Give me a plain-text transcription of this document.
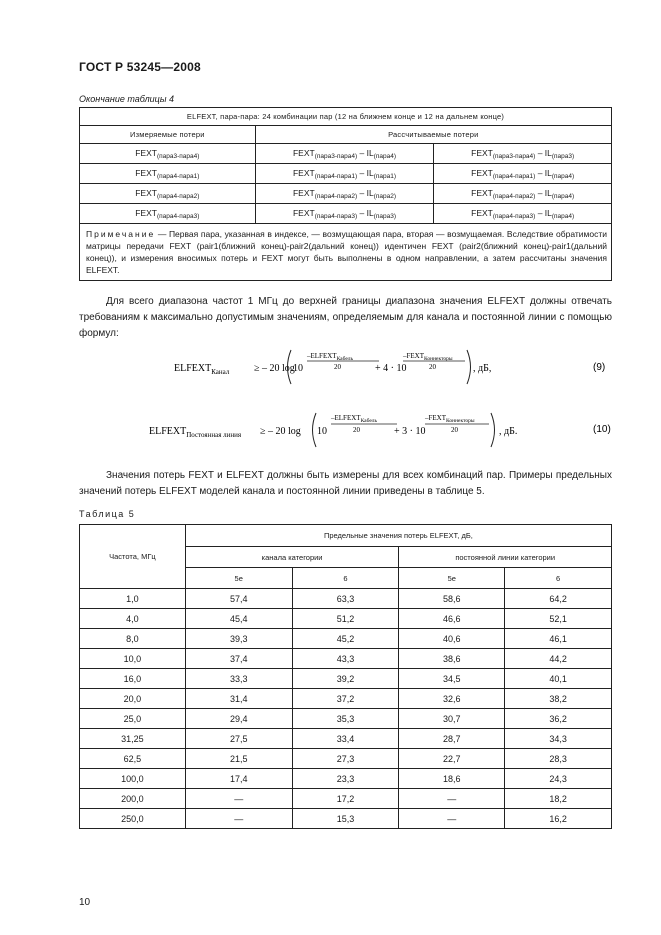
ГОСТ Р 53245—2008
Окончание таблицы 4
ELFEXT, пара-пара: 24 комбинации пар (12 на ближнем конце и 12 на дальнем конце)		
Измеряемые потери	Рассчитываемые потери	
$FEXT_{(пара3-пара4)}$	$FEXT_{(пара3-пара4)} - IL_{(пара4)}$	$FEXT_{(пара3-пара4)} - IL_{(пара3)}$
$FEXT_{(пара4-пара1)}$	$FEXT_{(пара4-пара1)} - IL_{(пара1)}$	$FEXT_{(пара4-пара1)} - IL_{(пара4)}$
$FEXT_{(пара4-пара2)}$	$FEXT_{(пара4-пара2)} - IL_{(пара2)}$	$FEXT_{(пара4-пара2)} - IL_{(пара4)}$
$FEXT_{(пара4-пара3)}$	$FEXT_{(пара4-пара3)} - IL_{(пара3)}$	$FEXT_{(пара4-пара3)} - IL_{(пара4)}$
Примечание — Первая пара, указанная в индексе, — возмущающая пара, вторая — возмущаемая. Вследствие обратимости матрицы передачи FEXT (pair1(ближний конец)-pair2(дальний конец)) идентичен FEXT (pair2(ближний конец)-pair1(дальний конец)), и измерения вносимых потерь и FEXT могут быть выполнены в одном направлении, а затем рассчитаны значения ELFEXT.		
Для всего диапазона частот 1 МГц до верхней границы диапазона значения ELFEXT должны отвечать требованиям к максимально допустимым значениям, определяемым для канала и постоянной линии с помощью формул:
$ELFEXT_{Канал}$ ≥ – 20 log
10
$-ELFEXT_{Кабель}$
20	+ 4 · 10
$-FEXT_{Коннекторы}$
20	, дБ,	(9)
$ELFEXT_{Постоянная линия}$ ≥ – 20 log 10
$-ELFEXT_{Кабель}$
20	+ 3 · 10
$-FEXT_{Коннекторы}$
20	, дБ.	(10)
Значения потерь FEXT и ELFEXT должны быть измерены для всех комбинаций пар. Примеры предельных значений потерь ELFEXT моделей канала и постоянной линии приведены в таблице 5.
Таблица 5
Частота, МГц	Предельные значения потерь ELFEXT, дБ,			
	канала категории		постоянной линии категории	
	5e	6	5e	6
1,0	57,4	63,3	58,6	64,2
4,0	45,4	51,2	46,6	52,1
8,0	39,3	45,2	40,6	46,1
10,0	37,4	43,3	38,6	44,2
16,0	33,3	39,2	34,5	40,1
20,0	31,4	37,2	32,6	38,2
25,0	29,4	35,3	30,7	36,2
31,25	27,5	33,4	28,7	34,3
62,5	21,5	27,3	22,7	28,3
100,0	17,4	23,3	18,6	24,3
200,0	—	17,2	—	18,2
250,0	—	15,3	—	16,2
10
